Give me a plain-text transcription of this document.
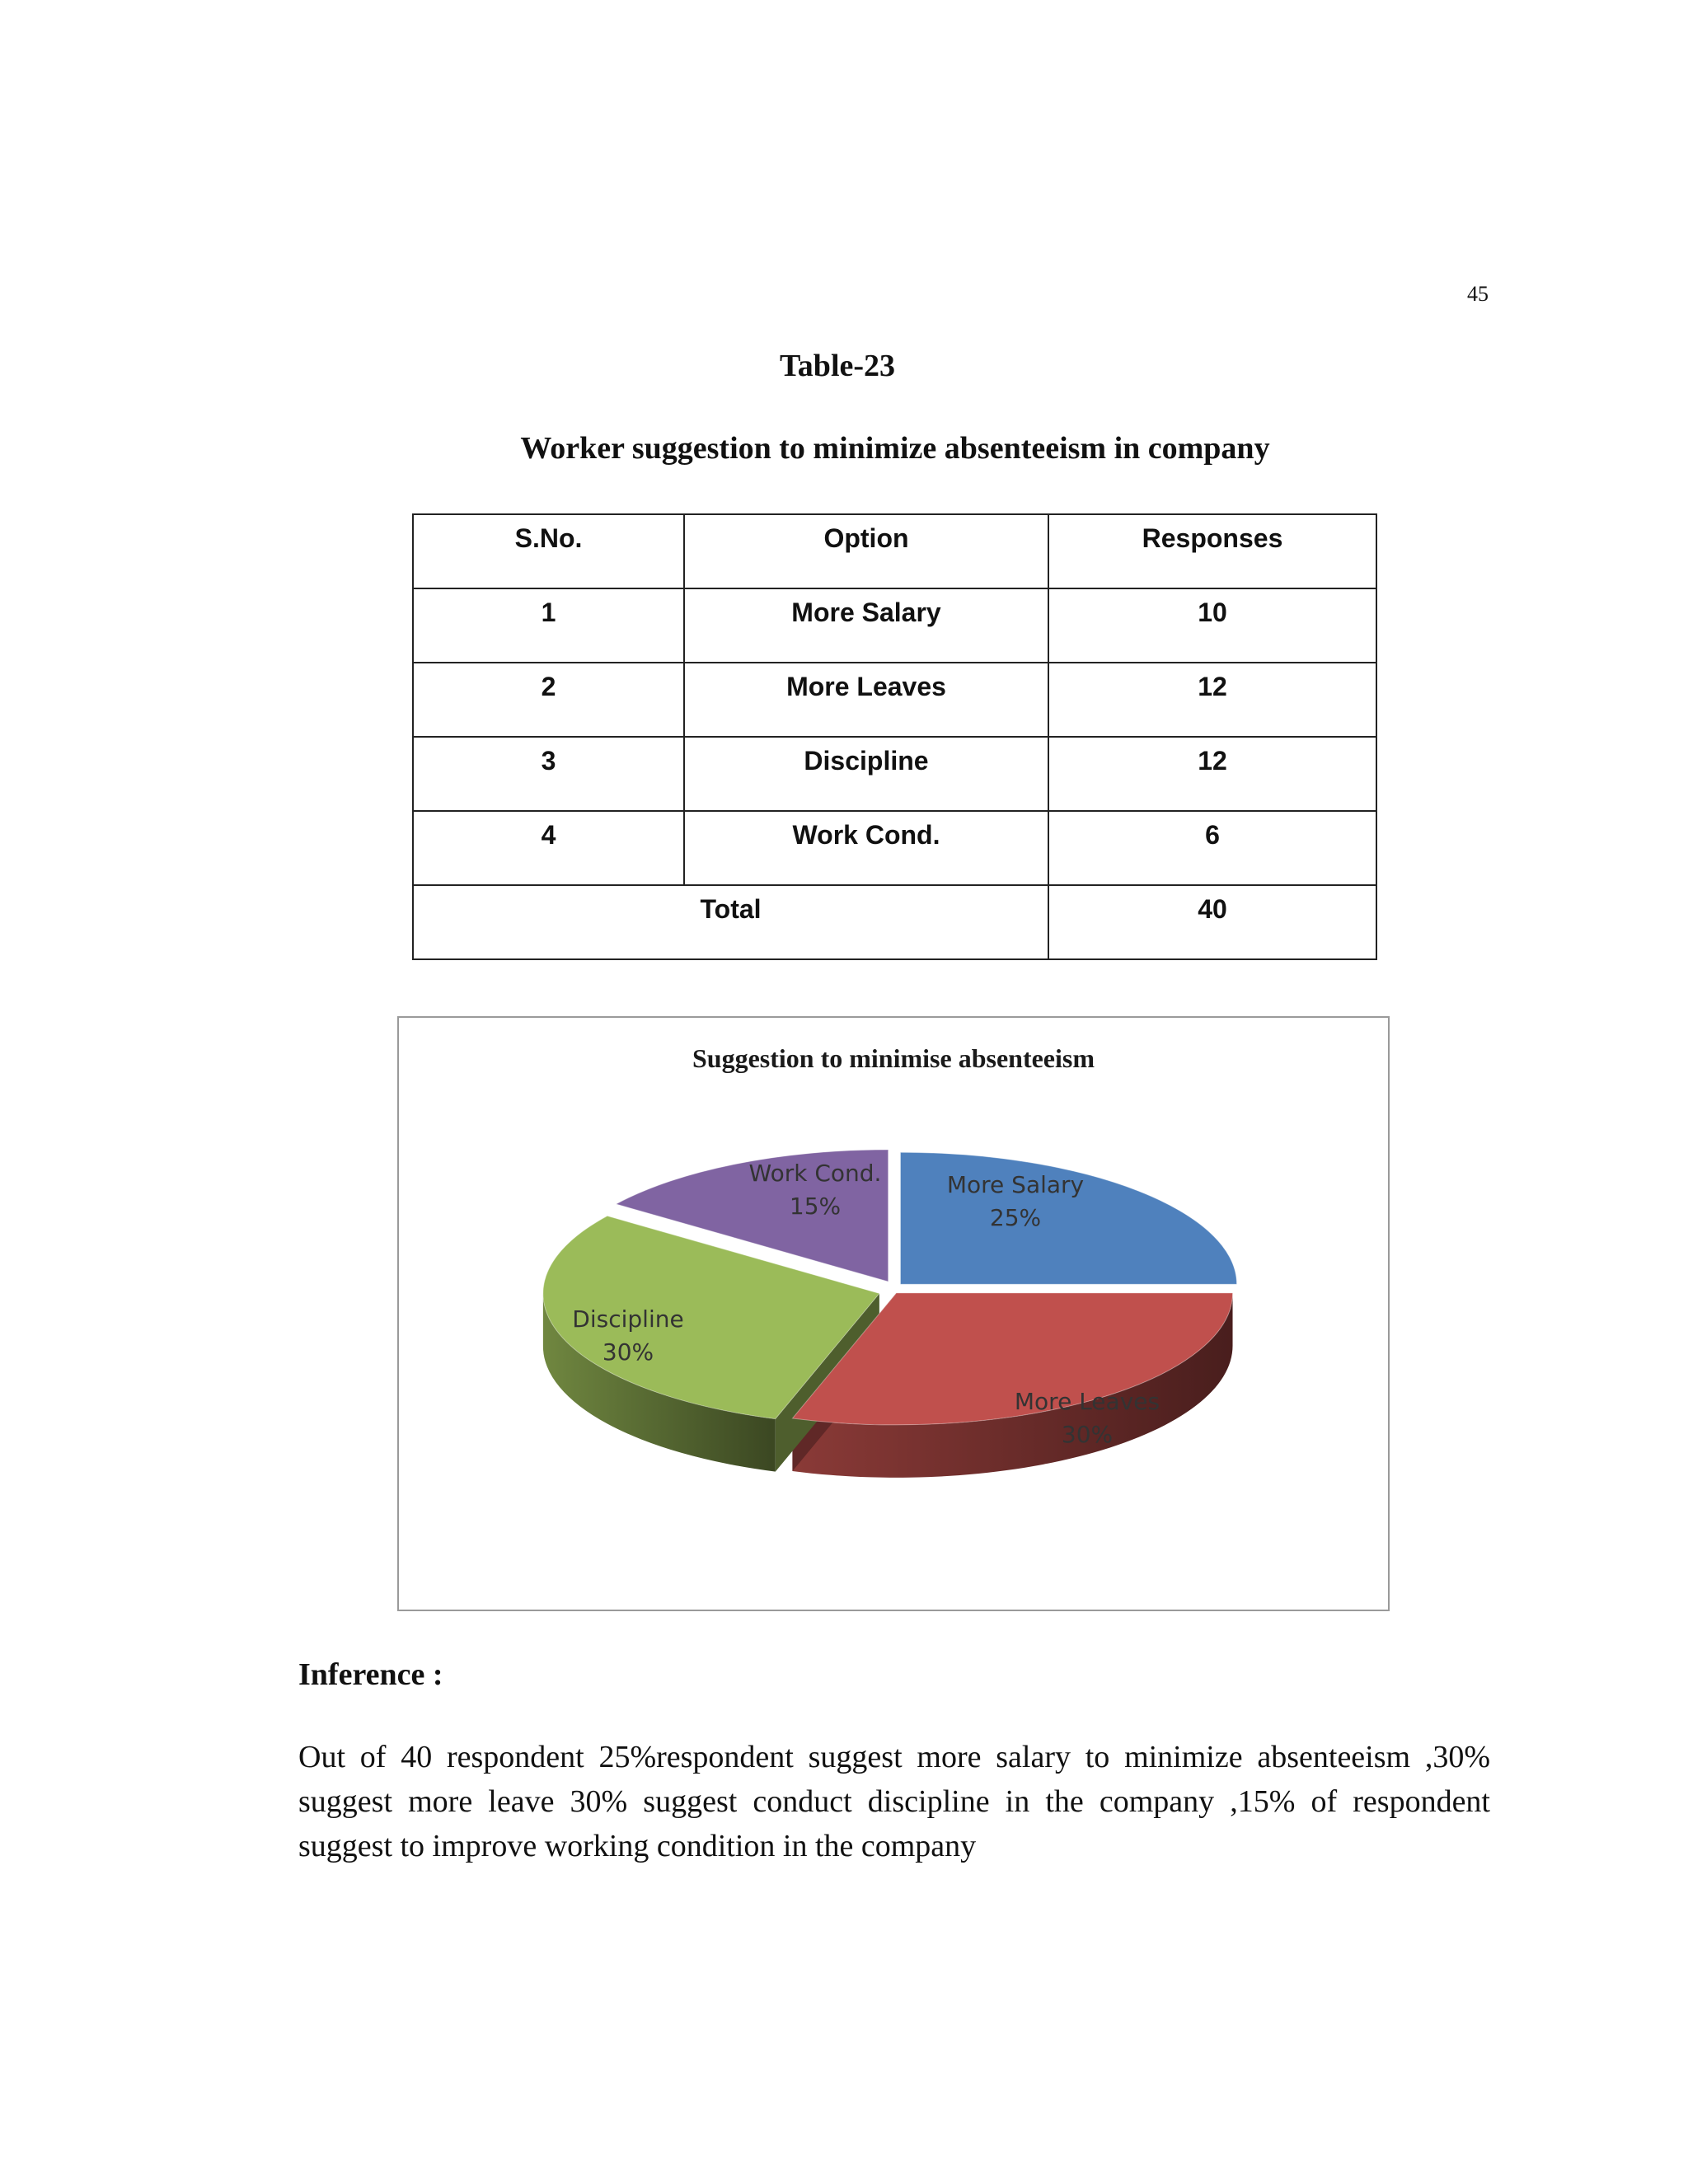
45
Table-23
Worker suggestion to minimize absenteeism in company
S.No.	Option	Responses
1	More Salary	10
2	More Leaves	12
3	Discipline	12
4	Work Cond.	6
Total		40
Suggestion to minimise absenteeism
More Salary
25%
More Leaves
30%
Discipline
30%
Work Cond.
15%
Inference :
Out of 40 respondent 25%respondent suggest more salary to minimize absenteeism ,30% suggest more leave 30% suggest conduct discipline in the company ,15% of respondent suggest to improve working condition in the company
